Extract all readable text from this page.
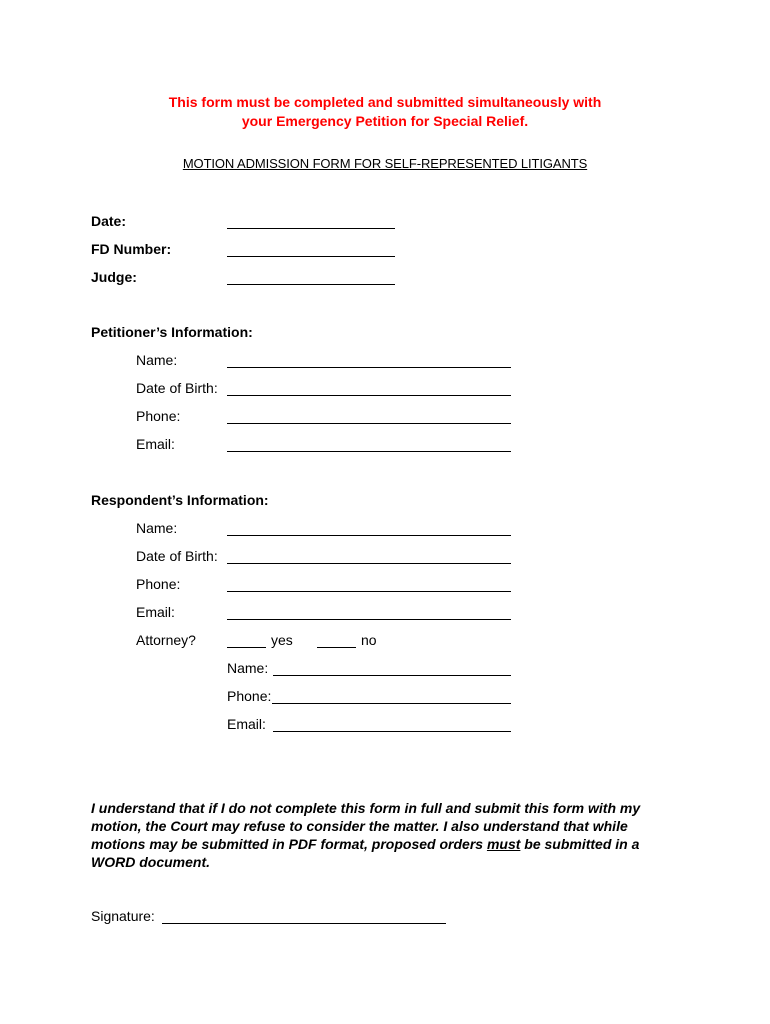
This form must be completed and submitted simultaneously with
your Emergency Petition for Special Relief.
MOTION ADMISSION FORM FOR SELF-REPRESENTED LITIGANTS
Date:
FD Number:
Judge:
Petitioner’s Information:
Name:
Date of Birth:
Phone:
Email:
Respondent’s Information:
Name:
Date of Birth:
Phone:
Email:
Attorney?	yes	no
Name:
Phone:
Email:
I understand that if I do not complete this form in full and submit this form with my motion, the Court may refuse to consider the matter. I also understand that while motions may be submitted in PDF format, proposed orders must be submitted in a WORD document.
Signature:
